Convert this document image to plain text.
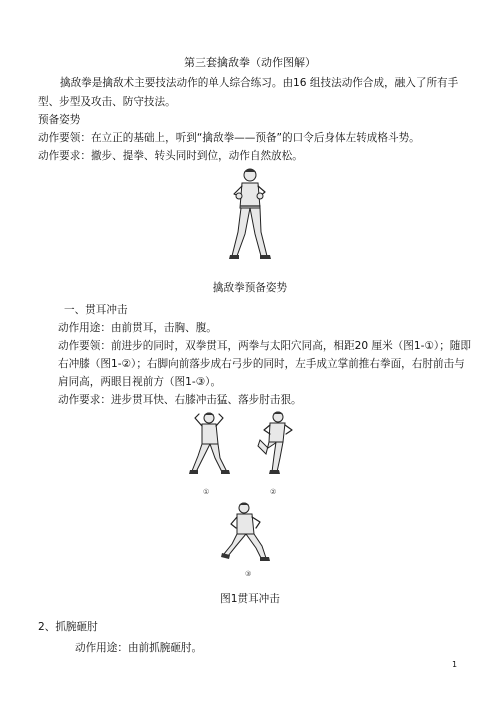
第三套擒敌拳（动作图解）
擒敌拳是擒敌术主要技法动作的单人综合练习。由16 组技法动作合成，融入了所有手
型、步型及攻击、防守技法。
预备姿势
动作要领：在立正的基础上，听到“擒敌拳——预备”的口令后身体左转成格斗势。
动作要求：撤步、提拳、转头同时到位，动作自然放松。
擒敌拳预备姿势
一、贯耳冲击
动作用途：由前贯耳，击胸、腹。
动作要领：前进步的同时，双拳贯耳，两拳与太阳穴同高，相距20 厘米（图1-①）；随即
右冲膝（图1-②）；右脚向前落步成右弓步的同时，左手成立掌前推右拳面，右肘前击与
肩同高，两眼目视前方（图1-③）。
动作要求：进步贯耳快、右膝冲击猛、落步肘击狠。
①	②
③
图1贯耳冲击
2、抓腕砸肘
动作用途：由前抓腕砸肘。
1
